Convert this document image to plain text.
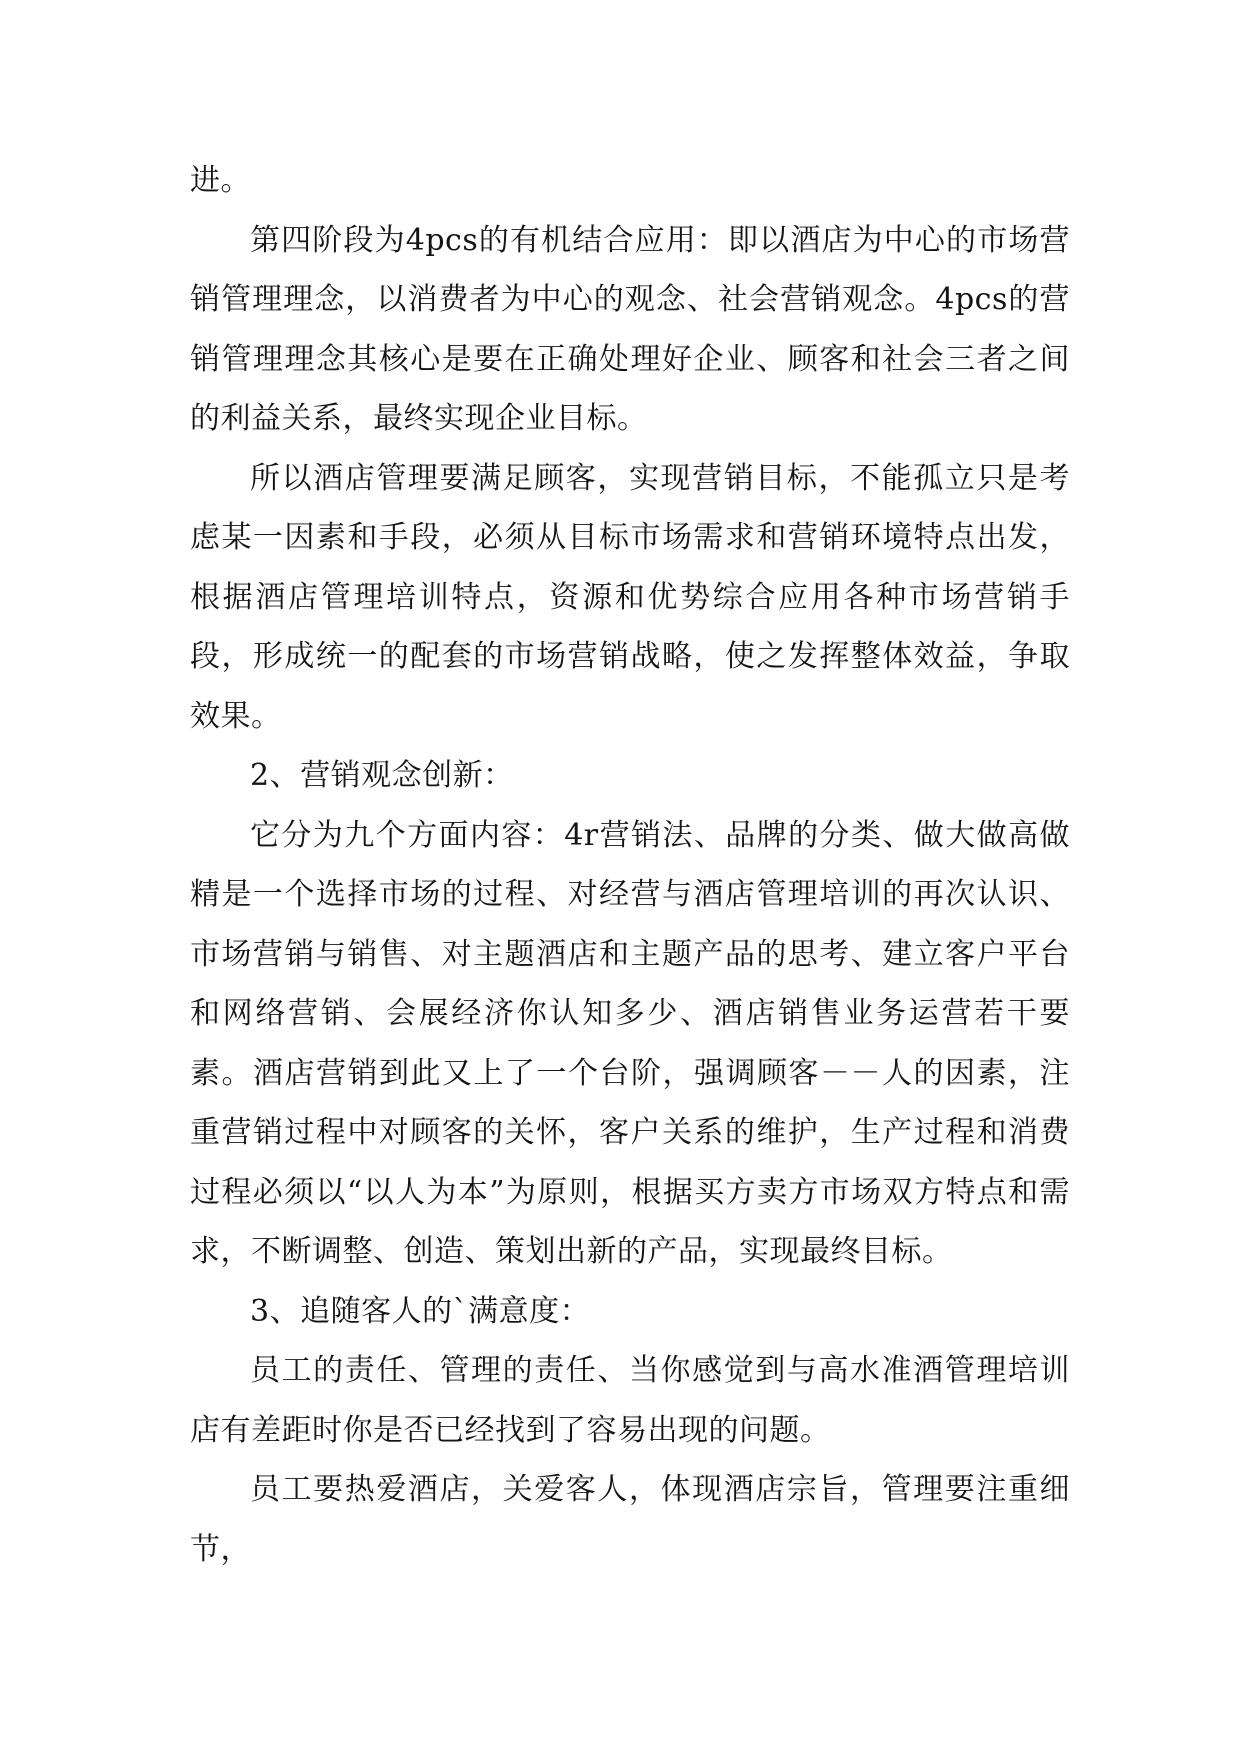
进。

第四阶段为4pcs的有机结合应用：即以酒店为中心的市场营销管理理念，以消费者为中心的观念、社会营销观念。4pcs的营销管理理念其核心是要在正确处理好企业、顾客和社会三者之间的利益关系，最终实现企业目标。

所以酒店管理要满足顾客，实现营销目标，不能孤立只是考虑某一因素和手段，必须从目标市场需求和营销环境特点出发，根据酒店管理培训特点，资源和优势综合应用各种市场营销手段，形成统一的配套的市场营销战略，使之发挥整体效益，争取效果。

2、营销观念创新：

它分为九个方面内容：4r营销法、品牌的分类、做大做高做精是一个选择市场的过程、对经营与酒店管理培训的再次认识、市场营销与销售、对主题酒店和主题产品的思考、建立客户平台和网络营销、会展经济你认知多少、酒店销售业务运营若干要素。酒店营销到此又上了一个台阶，强调顾客－－人的因素，注重营销过程中对顾客的关怀，客户关系的维护，生产过程和消费过程必须以“以人为本”为原则，根据买方卖方市场双方特点和需求，不断调整、创造、策划出新的产品，实现最终目标。

3、追随客人的`满意度：

员工的责任、管理的责任、当你感觉到与高水准酒管理培训店有差距时你是否已经找到了容易出现的问题。

员工要热爱酒店，关爱客人，体现酒店宗旨，管理要注重细节，
